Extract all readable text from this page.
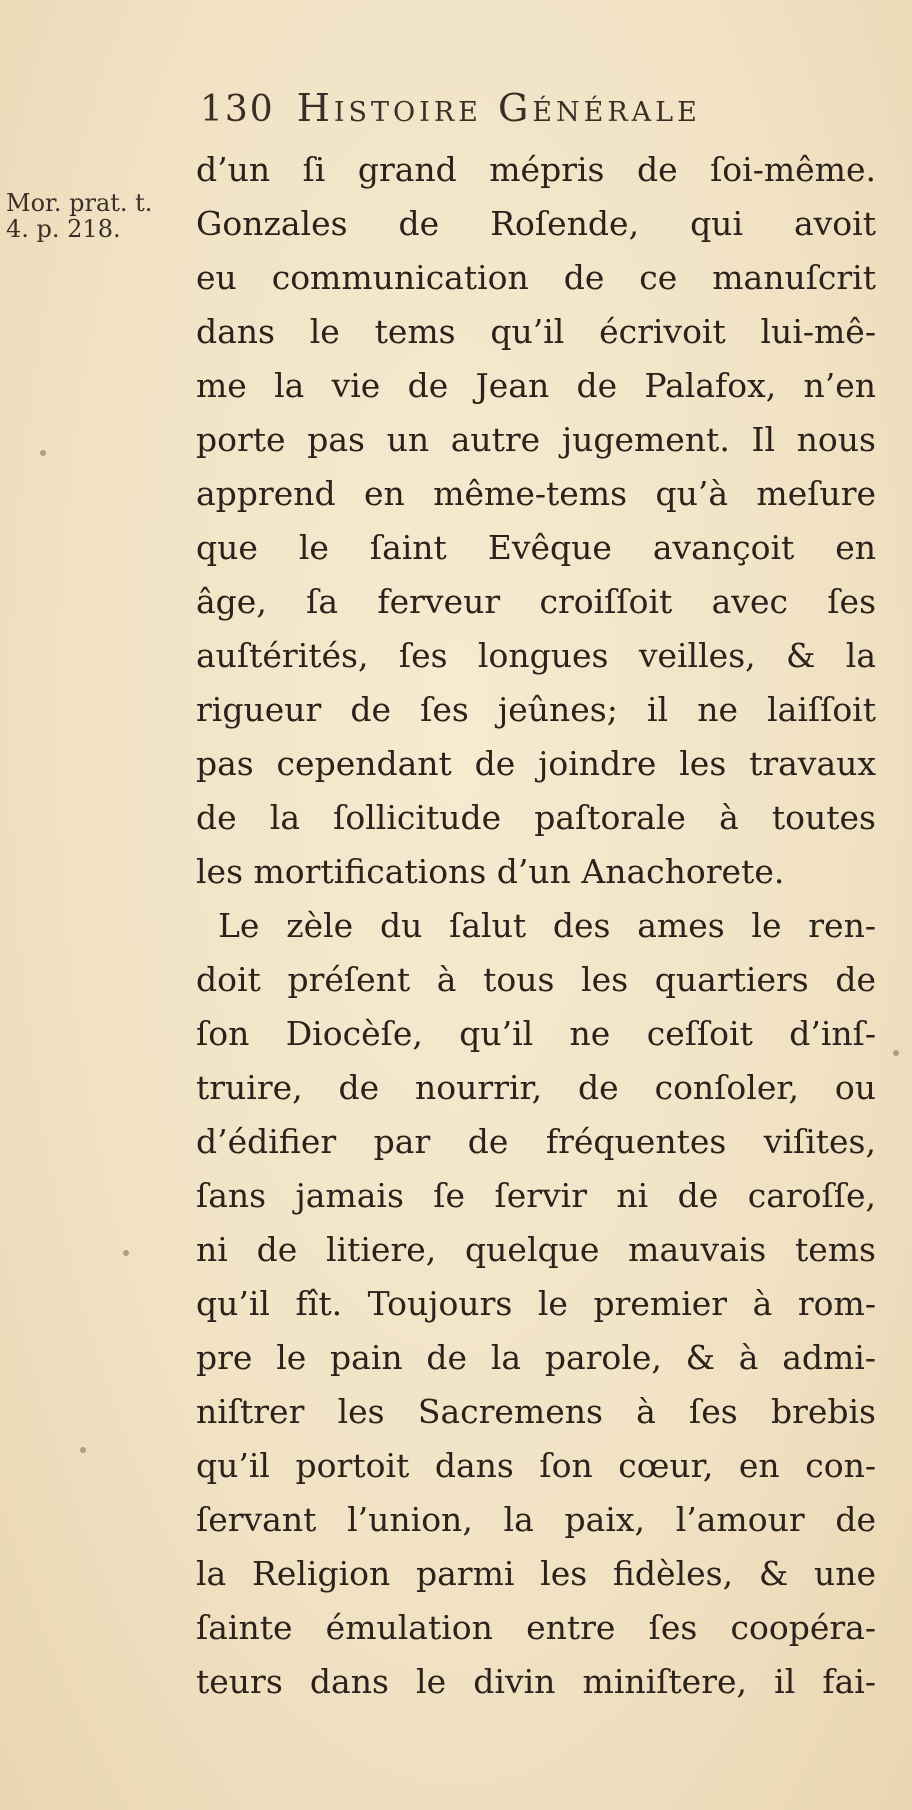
130 Histoire Générale
Mor. prat. t.
4. p. 218.
d’un ſi grand mépris de ſoi-même.
Gonzales de Roſende, qui avoit
eu communication de ce manuſcrit
dans le tems qu’il écrivoit lui-mê-
me la vie de Jean de Palafox, n’en
porte pas un autre jugement. Il nous
apprend en même-tems qu’à meſure
que le ſaint Evêque avançoit en
âge, ſa ferveur croiſſoit avec ſes
auſtérités, ſes longues veilles, & la
rigueur de ſes jeûnes; il ne laiſſoit
pas cependant de joindre les travaux
de la ſollicitude paſtorale à toutes
les mortifications d’un Anachorete.
Le zèle du ſalut des ames le ren-
doit préſent à tous les quartiers de
ſon Diocèſe, qu’il ne ceſſoit d’inſ-
truire, de nourrir, de conſoler, ou
d’édifier par de fréquentes viſites,
ſans jamais ſe ſervir ni de caroſſe,
ni de litiere, quelque mauvais tems
qu’il fît. Toujours le premier à rom-
pre le pain de la parole, & à admi-
niſtrer les Sacremens à ſes brebis
qu’il portoit dans ſon cœur, en con-
ſervant l’union, la paix, l’amour de
la Religion parmi les fidèles, & une
ſainte émulation entre ſes coopéra-
teurs dans le divin miniſtere, il fai-
